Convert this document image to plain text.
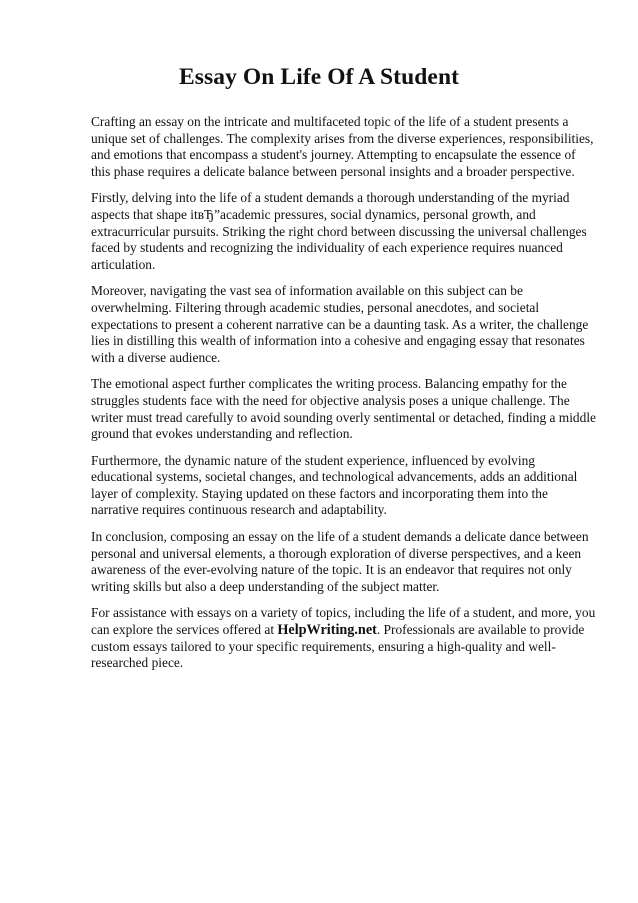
Essay On Life Of A Student

Crafting an essay on the intricate and multifaceted topic of the life of a student presents a unique set of challenges. The complexity arises from the diverse experiences, responsibilities, and emotions that encompass a student's journey. Attempting to encapsulate the essence of this phase requires a delicate balance between personal insights and a broader perspective.

Firstly, delving into the life of a student demands a thorough understanding of the myriad aspects that shape itвЂ”academic pressures, social dynamics, personal growth, and extracurricular pursuits. Striking the right chord between discussing the universal challenges faced by students and recognizing the individuality of each experience requires nuanced articulation.

Moreover, navigating the vast sea of information available on this subject can be overwhelming. Filtering through academic studies, personal anecdotes, and societal expectations to present a coherent narrative can be a daunting task. As a writer, the challenge lies in distilling this wealth of information into a cohesive and engaging essay that resonates with a diverse audience.

The emotional aspect further complicates the writing process. Balancing empathy for the struggles students face with the need for objective analysis poses a unique challenge. The writer must tread carefully to avoid sounding overly sentimental or detached, finding a middle ground that evokes understanding and reflection.

Furthermore, the dynamic nature of the student experience, influenced by evolving educational systems, societal changes, and technological advancements, adds an additional layer of complexity. Staying updated on these factors and incorporating them into the narrative requires continuous research and adaptability.

In conclusion, composing an essay on the life of a student demands a delicate dance between personal and universal elements, a thorough exploration of diverse perspectives, and a keen awareness of the ever-evolving nature of the topic. It is an endeavor that requires not only writing skills but also a deep understanding of the subject matter.

For assistance with essays on a variety of topics, including the life of a student, and more, you can explore the services offered at HelpWriting.net. Professionals are available to provide custom essays tailored to your specific requirements, ensuring a high-quality and well-researched piece.
